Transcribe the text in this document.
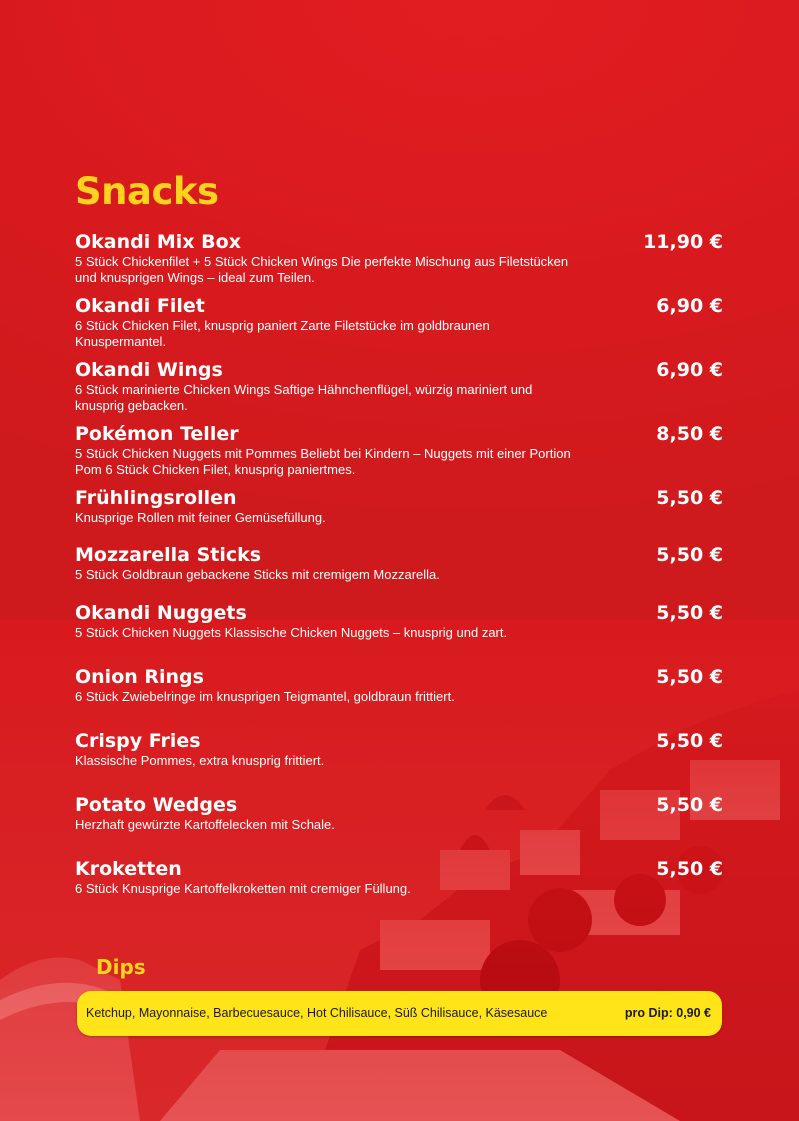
Snacks
Okandi Mix Box
5 Stück Chickenfilet + 5 Stück Chicken Wings Die perfekte Mischung aus Filetstücken und knusprigen Wings – ideal zum Teilen.
11,90 €
Okandi Filet
6 Stück Chicken Filet, knusprig paniert Zarte Filetstücke im goldbraunen Knuspermantel.
6,90 €
Okandi Wings
6 Stück marinierte Chicken Wings Saftige Hähnchenflügel, würzig mariniert und knusprig gebacken.
6,90 €
Pokémon Teller
5 Stück Chicken Nuggets mit Pommes Beliebt bei Kindern – Nuggets mit einer Portion Pom 6 Stück Chicken Filet, knusprig paniertmes.
8,50 €
Frühlingsrollen
Knusprige Rollen mit feiner Gemüsefüllung.
5,50 €
Mozzarella Sticks
5 Stück Goldbraun gebackene Sticks mit cremigem Mozzarella.
5,50 €
Okandi Nuggets
5 Stück Chicken Nuggets Klassische Chicken Nuggets – knusprig und zart.
5,50 €
Onion Rings
6 Stück Zwiebelringe im knusprigen Teigmantel, goldbraun frittiert.
5,50 €
Crispy Fries
Klassische Pommes, extra knusprig frittiert.
5,50 €
Potato Wedges
Herzhaft gewürzte Kartoffelecken mit Schale.
5,50 €
Kroketten
6 Stück Knusprige Kartoffelkroketten mit cremiger Füllung.
5,50 €
Dips
Ketchup, Mayonnaise, Barbecuesauce, Hot Chilisauce, Süß Chilisauce, Käsesauce	pro Dip: 0,90 €
